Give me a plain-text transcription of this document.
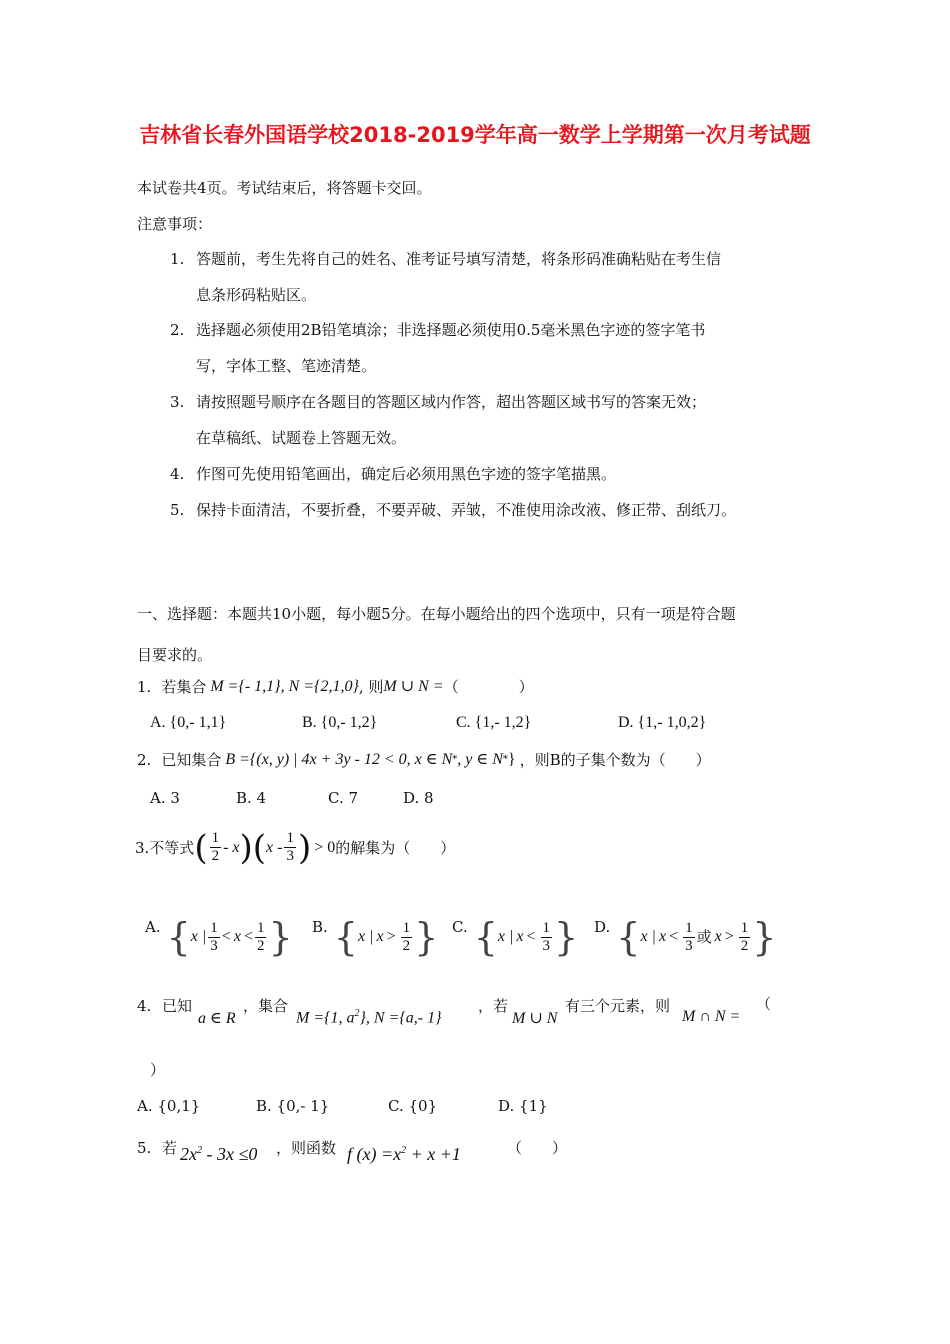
吉林省长春外国语学校2018-2019学年高一数学上学期第一次月考试题
本试卷共4页。考试结束后，将答题卡交回。
注意事项：
1. 答题前，考生先将自己的姓名、准考证号填写清楚，将条形码准确粘贴在考生信
息条形码粘贴区。
2. 选择题必须使用2B铅笔填涂；非选择题必须使用0.5毫米黑色字迹的签字笔书
写，字体工整、笔迹清楚。
3. 请按照题号顺序在各题目的答题区域内作答，超出答题区域书写的答案无效；
在草稿纸、试题卷上答题无效。
4. 作图可先使用铅笔画出，确定后必须用黑色字迹的签字笔描黑。
5. 保持卡面清洁，不要折叠，不要弄破、弄皱，不准使用涂改液、修正带、刮纸刀。
一、选择题：本题共10小题，每小题5分。在每小题给出的四个选项中，只有一项是符合题
目要求的。
1. 若集合 M ={- 1,1}, N ={2,1,0} , 则 M ∪ N = （　　　　）
A. {0,- 1,1}	B. {0,- 1,2}	C. {1,- 1,2}	D. {1,- 1,0,2}
2. 已知集合 B ={(x, y) | 4x + 3y - 12 < 0, x ∈ N * , y ∈ N * } ，则B的子集个数为（　　）
A. 3	B. 4	C. 7	D. 8
3.不等式 ( $\frac{1}{2}$ - x ) ( x - $\frac{1}{3}$ ) > 0 的解集为（　　）
A. { x | $\frac{1}{3} < x < \frac{1}{2}$ } B. { x | $x > \frac{1}{2}$ } C. { x | $x < \frac{1}{3}$ } D. { x | $x < \frac{1}{3}$ 或 $x > \frac{1}{2}$ }
4. 已知
a ∈ R
，集合
M ={1, $a^2$}, N ={a,- 1}
，若
M ∪ N
有三个元素，则
M ∩ N =
（
）
A. {0,1}	B. {0,- 1}	C. {0}	D. {1}
5. 若 $2x^2 - 3x \le 0$ ，则函数 f $(x) =x^2 + x +1$	（　　）
